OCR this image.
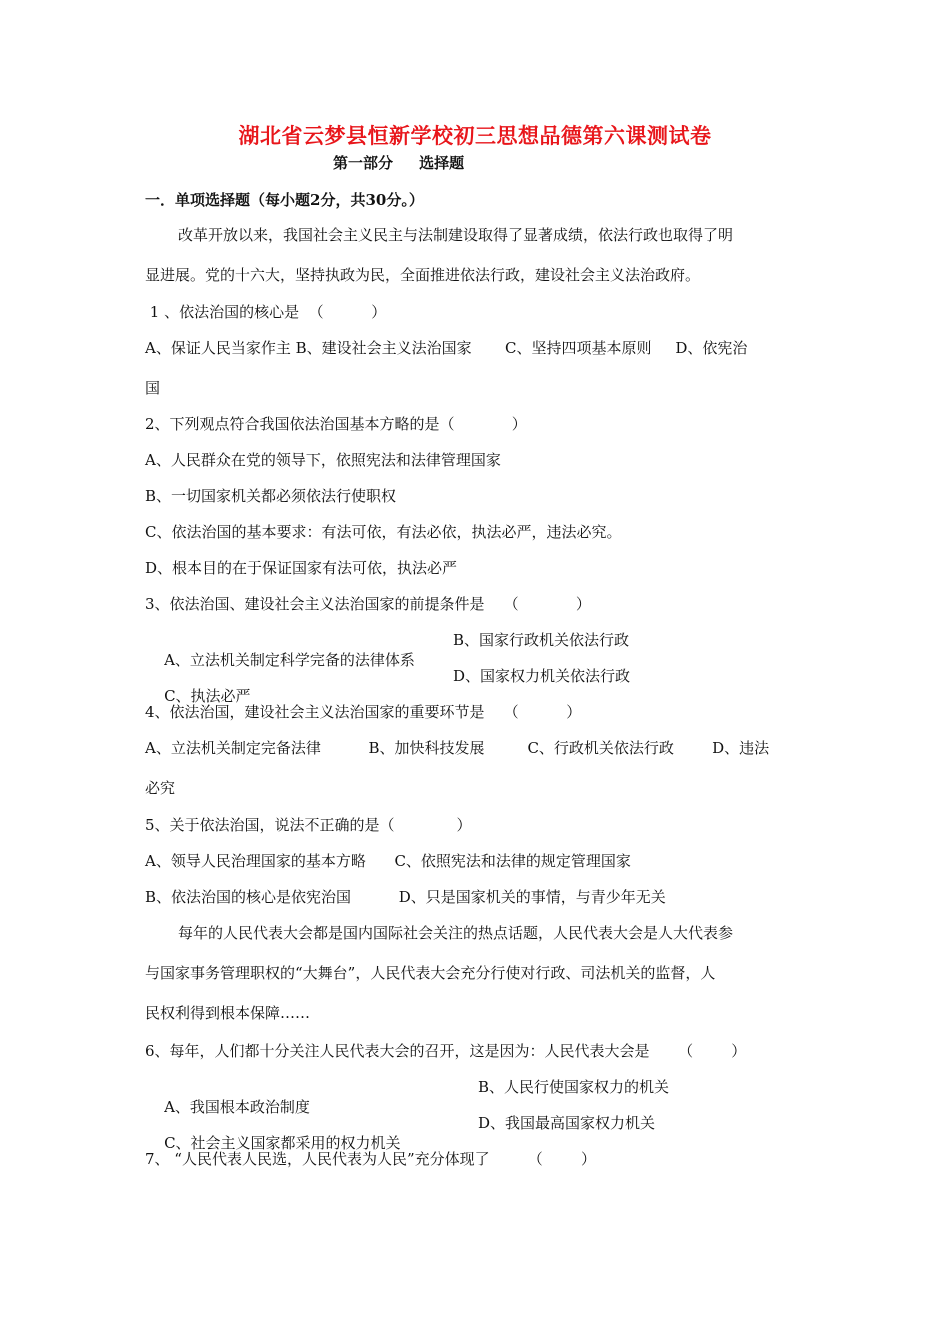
湖北省云梦县恒新学校初三思想品德第六课测试卷
第一部分     选择题
一．单项选择题（每小题2分，共30分。）
改革开放以来，我国社会主义民主与法制建设取得了显著成绩，依法行政也取得了明
显进展。党的十六大，坚持执政为民，全面推进依法行政，建设社会主义法治政府。
1 、依法治国的核心是  （          ）
A、保证人民当家作主 B、建设社会主义法治国家       C、坚持四项基本原则     D、依宪治
国
2、下列观点符合我国依法治国基本方略的是（            ）
A、人民群众在党的领导下，依照宪法和法律管理国家
B、一切国家机关都必须依法行使职权
C、依法治国的基本要求：有法可依，有法必依，执法必严，违法必究。
D、根本目的在于保证国家有法可依，执法必严
3、依法治国、建设社会主义法治国家的前提条件是    （            ）

A、立法机关制定科学完备的法律体系

B、国家行政机关依法行政

C、执法必严

D、国家权力机关依法行政

4、依法治国，建设社会主义法治国家的重要环节是    （          ）
A、立法机关制定完备法律          B、加快科技发展         C、行政机关依法行政        D、违法
必究
5、关于依法治国，说法不正确的是（             ）
A、领导人民治理国家的基本方略      C、依照宪法和法律的规定管理国家
B、依法治国的核心是依宪治国          D、只是国家机关的事情，与青少年无关
每年的人民代表大会都是国内国际社会关注的热点话题，人民代表大会是人大代表参
与国家事务管理职权的“大舞台”，人民代表大会充分行使对行政、司法机关的监督，人
民权利得到根本保障……
6、每年，人们都十分关注人民代表大会的召开，这是因为：人民代表大会是      （        ）

A、我国根本政治制度

B、人民行使国家权力的机关

C、社会主义国家都采用的权力机关

D、我国最高国家权力机关

7、 “人民代表人民选，人民代表为人民”充分体现了        （        ）
